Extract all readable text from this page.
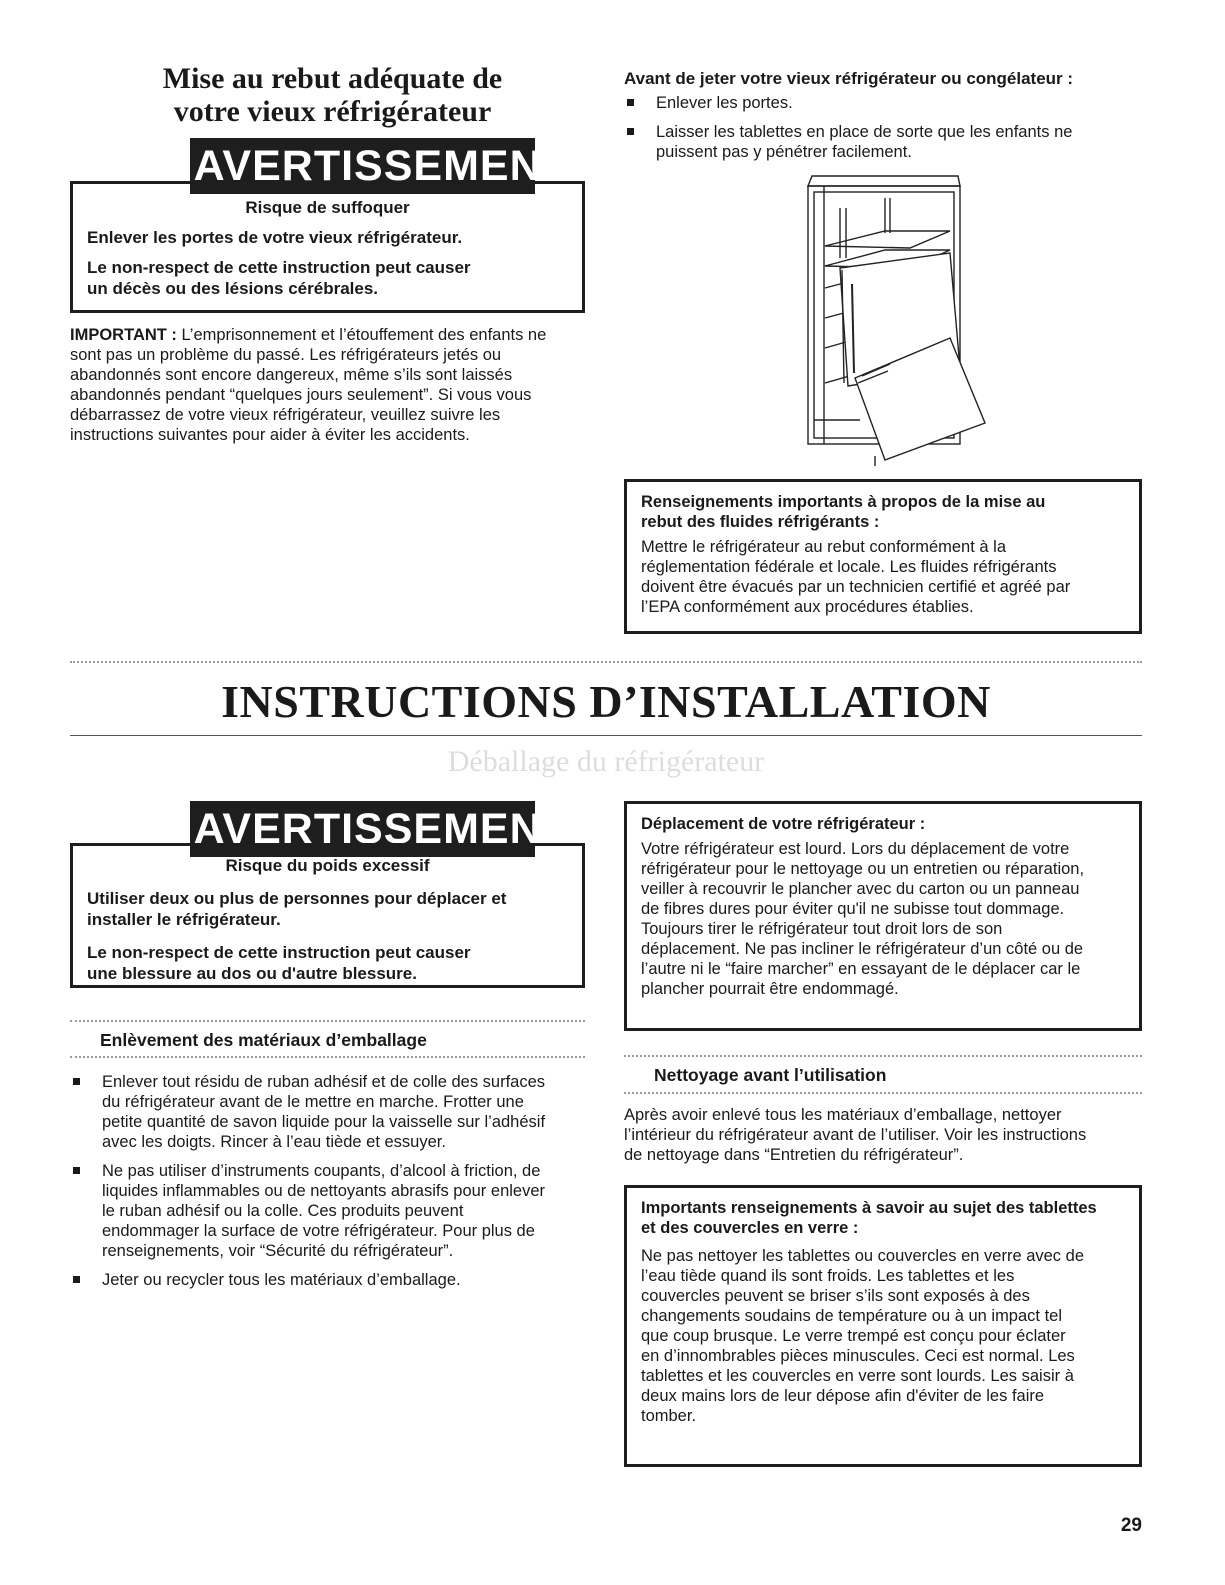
Mise au rebut adéquate de
votre vieux réfrigérateur
⚠ AVERTISSEMENT

Risque de suffoquer

Enlever les portes de votre vieux réfrigérateur.

Le non-respect de cette instruction peut causer

un décès ou des lésions cérébrales.

IMPORTANT : L’emprisonnement et l’étouffement des enfants ne

sont pas un problème du passé. Les réfrigérateurs jetés ou

abandonnés sont encore dangereux, même s’ils sont laissés

abandonnés pendant “quelques jours seulement”. Si vous vous

débarrassez de votre vieux réfrigérateur, veuillez suivre les

instructions suivantes pour aider à éviter les accidents.

Avant de jeter votre vieux réfrigérateur ou congélateur :
Enlever les portes.
Laisser les tablettes en place de sorte que les enfants ne
puissent pas y pénétrer facilement.
Renseignements importants à propos de la mise au
rebut des fluides réfrigérants :
Mettre le réfrigérateur au rebut conformément à la
réglementation fédérale et locale. Les fluides réfrigérants
doivent être évacués par un technicien certifié et agréé par
l’EPA conformément aux procédures établies.
INSTRUCTIONS D’INSTALLATION
Déballage du réfrigérateur
⚠ AVERTISSEMENT

Risque du poids excessif

Utiliser deux ou plus de personnes pour déplacer et

installer le réfrigérateur.

Le non-respect de cette instruction peut causer

une blessure au dos ou d'autre blessure.

Enlèvement des matériaux d’emballage
Enlever tout résidu de ruban adhésif et de colle des surfaces
du réfrigérateur avant de le mettre en marche. Frotter une
petite quantité de savon liquide pour la vaisselle sur l’adhésif
avec les doigts. Rincer à l’eau tiède et essuyer.
Ne pas utiliser d’instruments coupants, d’alcool à friction, de
liquides inflammables ou de nettoyants abrasifs pour enlever
le ruban adhésif ou la colle. Ces produits peuvent
endommager la surface de votre réfrigérateur. Pour plus de
renseignements, voir “Sécurité du réfrigérateur”.
Jeter ou recycler tous les matériaux d’emballage.
Déplacement de votre réfrigérateur :
Votre réfrigérateur est lourd. Lors du déplacement de votre
réfrigérateur pour le nettoyage ou un entretien ou réparation,
veiller à recouvrir le plancher avec du carton ou un panneau
de fibres dures pour éviter qu'il ne subisse tout dommage.
Toujours tirer le réfrigérateur tout droit lors de son
déplacement. Ne pas incliner le réfrigérateur d’un côté ou de
l’autre ni le “faire marcher” en essayant de le déplacer car le
plancher pourrait être endommagé.
Nettoyage avant l’utilisation

Après avoir enlevé tous les matériaux d’emballage, nettoyer

l’intérieur du réfrigérateur avant de l’utiliser. Voir les instructions

de nettoyage dans “Entretien du réfrigérateur”.

Importants renseignements à savoir au sujet des tablettes
et des couvercles en verre :
Ne pas nettoyer les tablettes ou couvercles en verre avec de
l’eau tiède quand ils sont froids. Les tablettes et les
couvercles peuvent se briser s’ils sont exposés à des
changements soudains de température ou à un impact tel
que coup brusque. Le verre trempé est conçu pour éclater
en d’innombrables pièces minuscules. Ceci est normal. Les
tablettes et les couvercles en verre sont lourds. Les saisir à
deux mains lors de leur dépose afin d'éviter de les faire
tomber.
29
